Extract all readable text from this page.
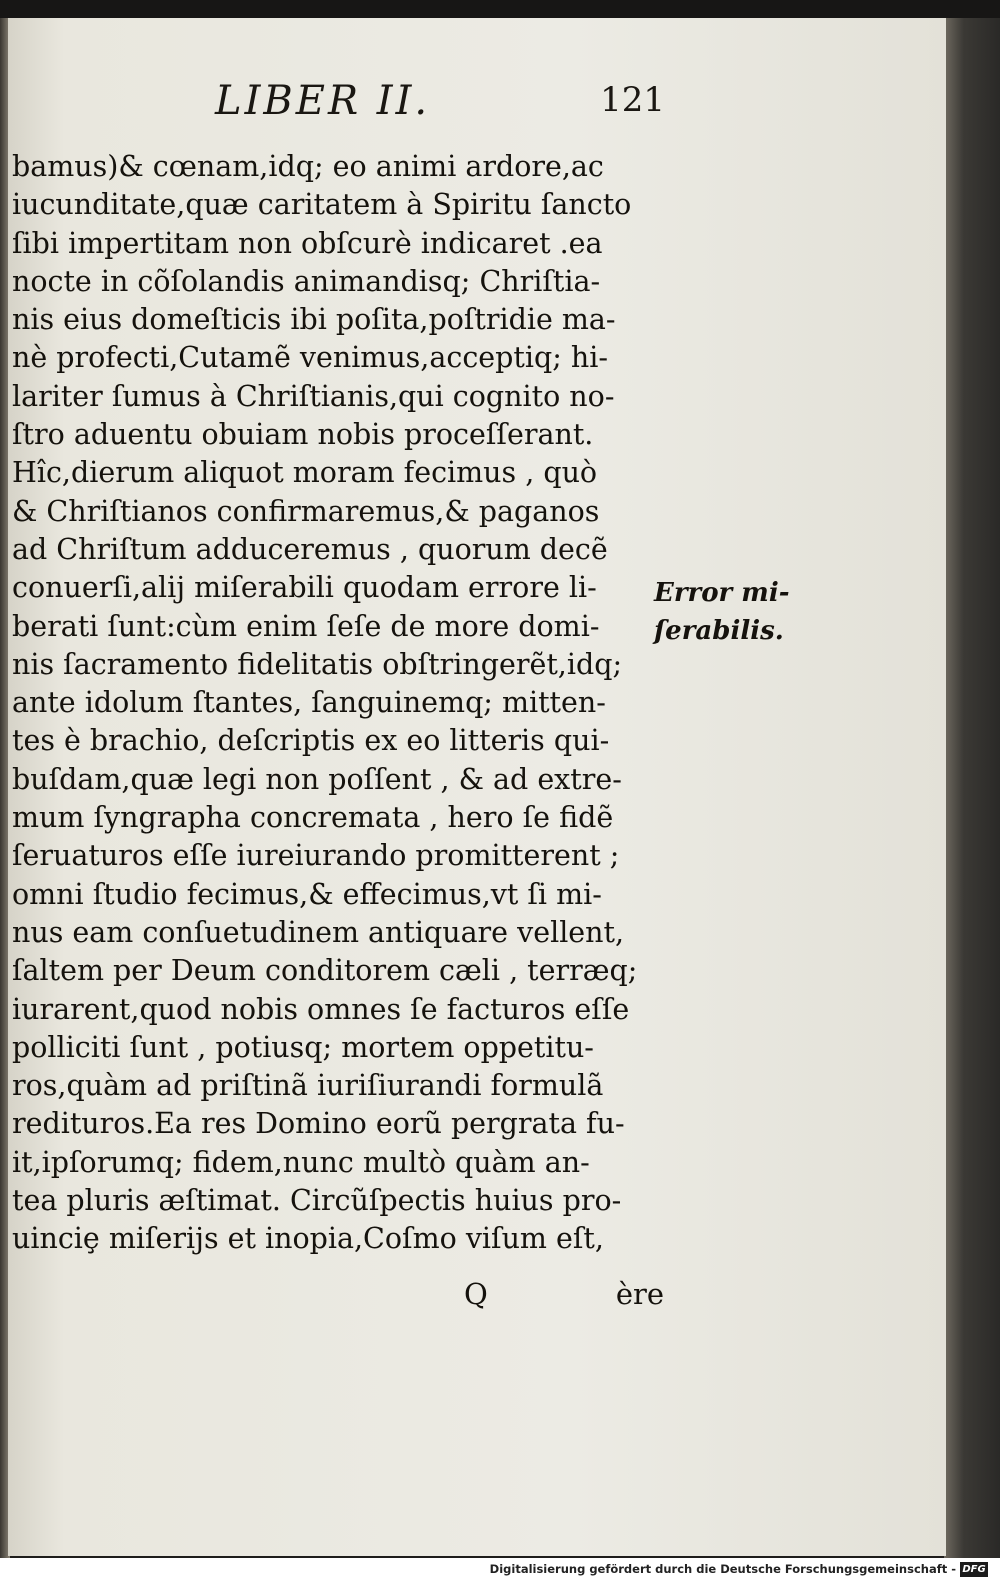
LIBER II.	121
bamus)& cœnam,idq; eo animi ardore,ac
iucunditate,quæ caritatem à Spiritu ſancto
ſibi impertitam non obſcurè indicaret .ea
nocte in cõſolandis animandisq; Chriſtia-
nis eius domeſticis ibi poſita,poſtridie ma-
nè profecti,Cutamẽ venimus,acceptiq; hi-
lariter ſumus à Chriſtianis,qui cognito no-
ſtro aduentu obuiam nobis proceſſerant.
Hîc,dierum aliquot moram fecimus , quò
& Chriſtianos confirmaremus,& paganos
ad Chriſtum adduceremus , quorum decẽ
conuerſi,alij miſerabili quodam errore li-
berati ſunt:cùm enim ſeſe de more domi-
nis ſacramento fidelitatis obſtringerẽt,idq;
ante idolum ſtantes, ſanguinemq; mitten-
tes è brachio, deſcriptis ex eo litteris qui-
buſdam,quæ legi non poſſent , & ad extre-
mum ſyngrapha concremata , hero ſe fidẽ
ſeruaturos eſſe iureiurando promitterent ;
omni ſtudio fecimus,& effecimus,vt ſi mi-
nus eam conſuetudinem antiquare vellent,
ſaltem per Deum conditorem cæli , terræq;
iurarent,quod nobis omnes ſe facturos eſſe
polliciti ſunt , potiusq; mortem oppetitu-
ros,quàm ad priſtinã iuriſiurandi formulã
redituros.Ea res Domino eorũ pergrata fu-
it,ipſorumq; fidem,nunc multò quàm an-
tea pluris æſtimat. Circũſpectis huius pro-
uinciȩ miſerijs et inopia,Coſmo viſum eſt,
Error mi-
ſerabilis.
Q	ère
Digitalisierung gefördert durch die Deutsche Forschungsgemeinschaft - DFG
